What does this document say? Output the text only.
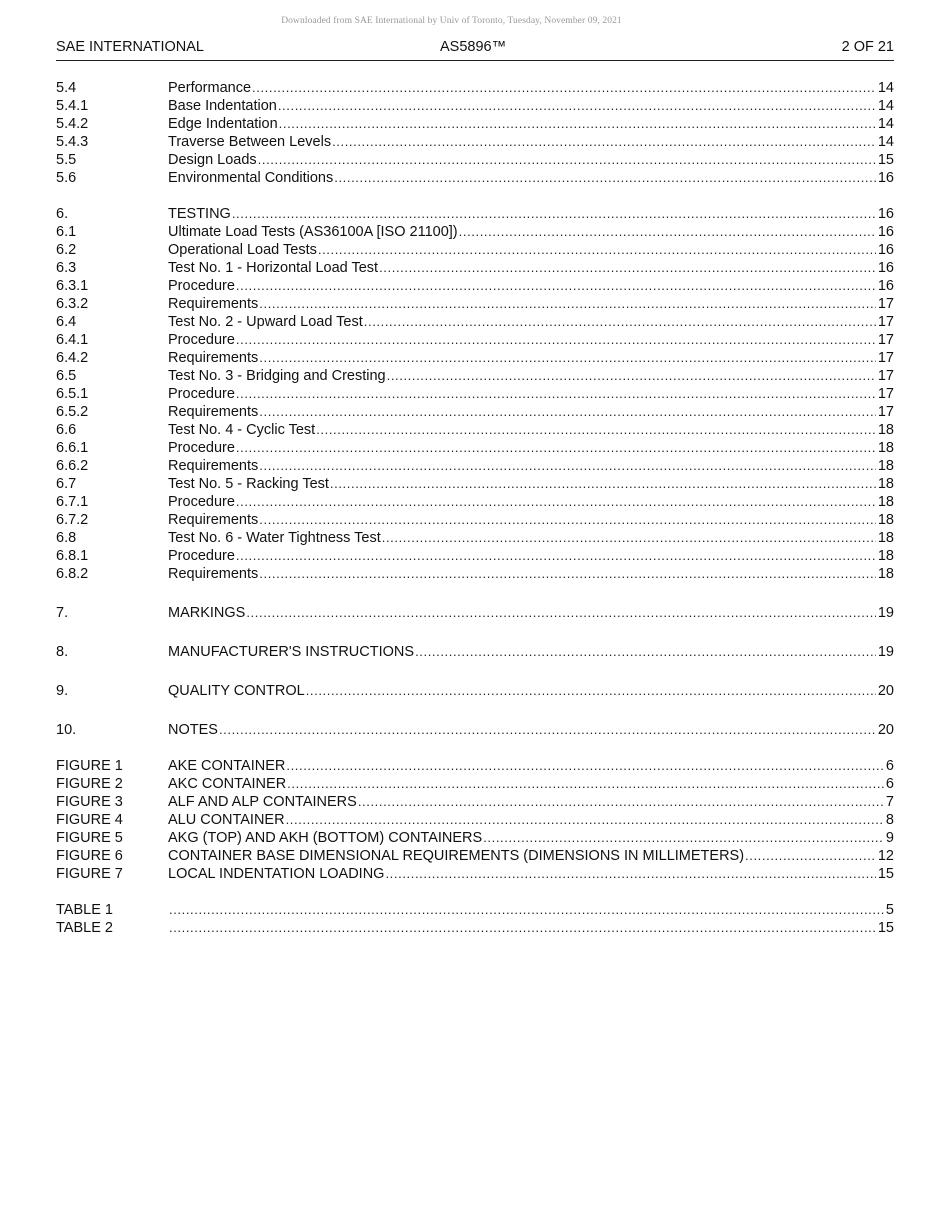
Downloaded from SAE International by Univ of Toronto, Tuesday, November 09, 2021
SAE INTERNATIONAL	AS5896™	2 OF 21
5.4	Performance .....	14
5.4.1	Base Indentation .....	14
5.4.2	Edge Indentation .....	14
5.4.3	Traverse Between Levels .....	14
5.5	Design Loads .....	15
5.6	Environmental Conditions .....	16
6.	TESTING .....	16
6.1	Ultimate Load Tests (AS36100A [ISO 21100]) .....	16
6.2	Operational Load Tests .....	16
6.3	Test No. 1 - Horizontal Load Test .....	16
6.3.1	Procedure .....	16
6.3.2	Requirements .....	17
6.4	Test No. 2 - Upward Load Test .....	17
6.4.1	Procedure .....	17
6.4.2	Requirements .....	17
6.5	Test No. 3 - Bridging and Cresting .....	17
6.5.1	Procedure .....	17
6.5.2	Requirements .....	17
6.6	Test No. 4 - Cyclic Test .....	18
6.6.1	Procedure .....	18
6.6.2	Requirements .....	18
6.7	Test No. 5 - Racking Test .....	18
6.7.1	Procedure .....	18
6.7.2	Requirements .....	18
6.8	Test No. 6 - Water Tightness Test .....	18
6.8.1	Procedure .....	18
6.8.2	Requirements .....	18
7.	MARKINGS .....	19
8.	MANUFACTURER'S INSTRUCTIONS .....	19
9.	QUALITY CONTROL .....	20
10.	NOTES .....	20
FIGURE 1	AKE CONTAINER .....	6
FIGURE 2	AKC CONTAINER .....	6
FIGURE 3	ALF AND ALP CONTAINERS .....	7
FIGURE 4	ALU CONTAINER .....	8
FIGURE 5	AKG (TOP) AND AKH (BOTTOM) CONTAINERS .....	9
FIGURE 6	CONTAINER BASE DIMENSIONAL REQUIREMENTS (DIMENSIONS IN MILLIMETERS) .....	12
FIGURE 7	LOCAL INDENTATION LOADING .....	15
TABLE 1 .....	5
TABLE 2 .....	15
